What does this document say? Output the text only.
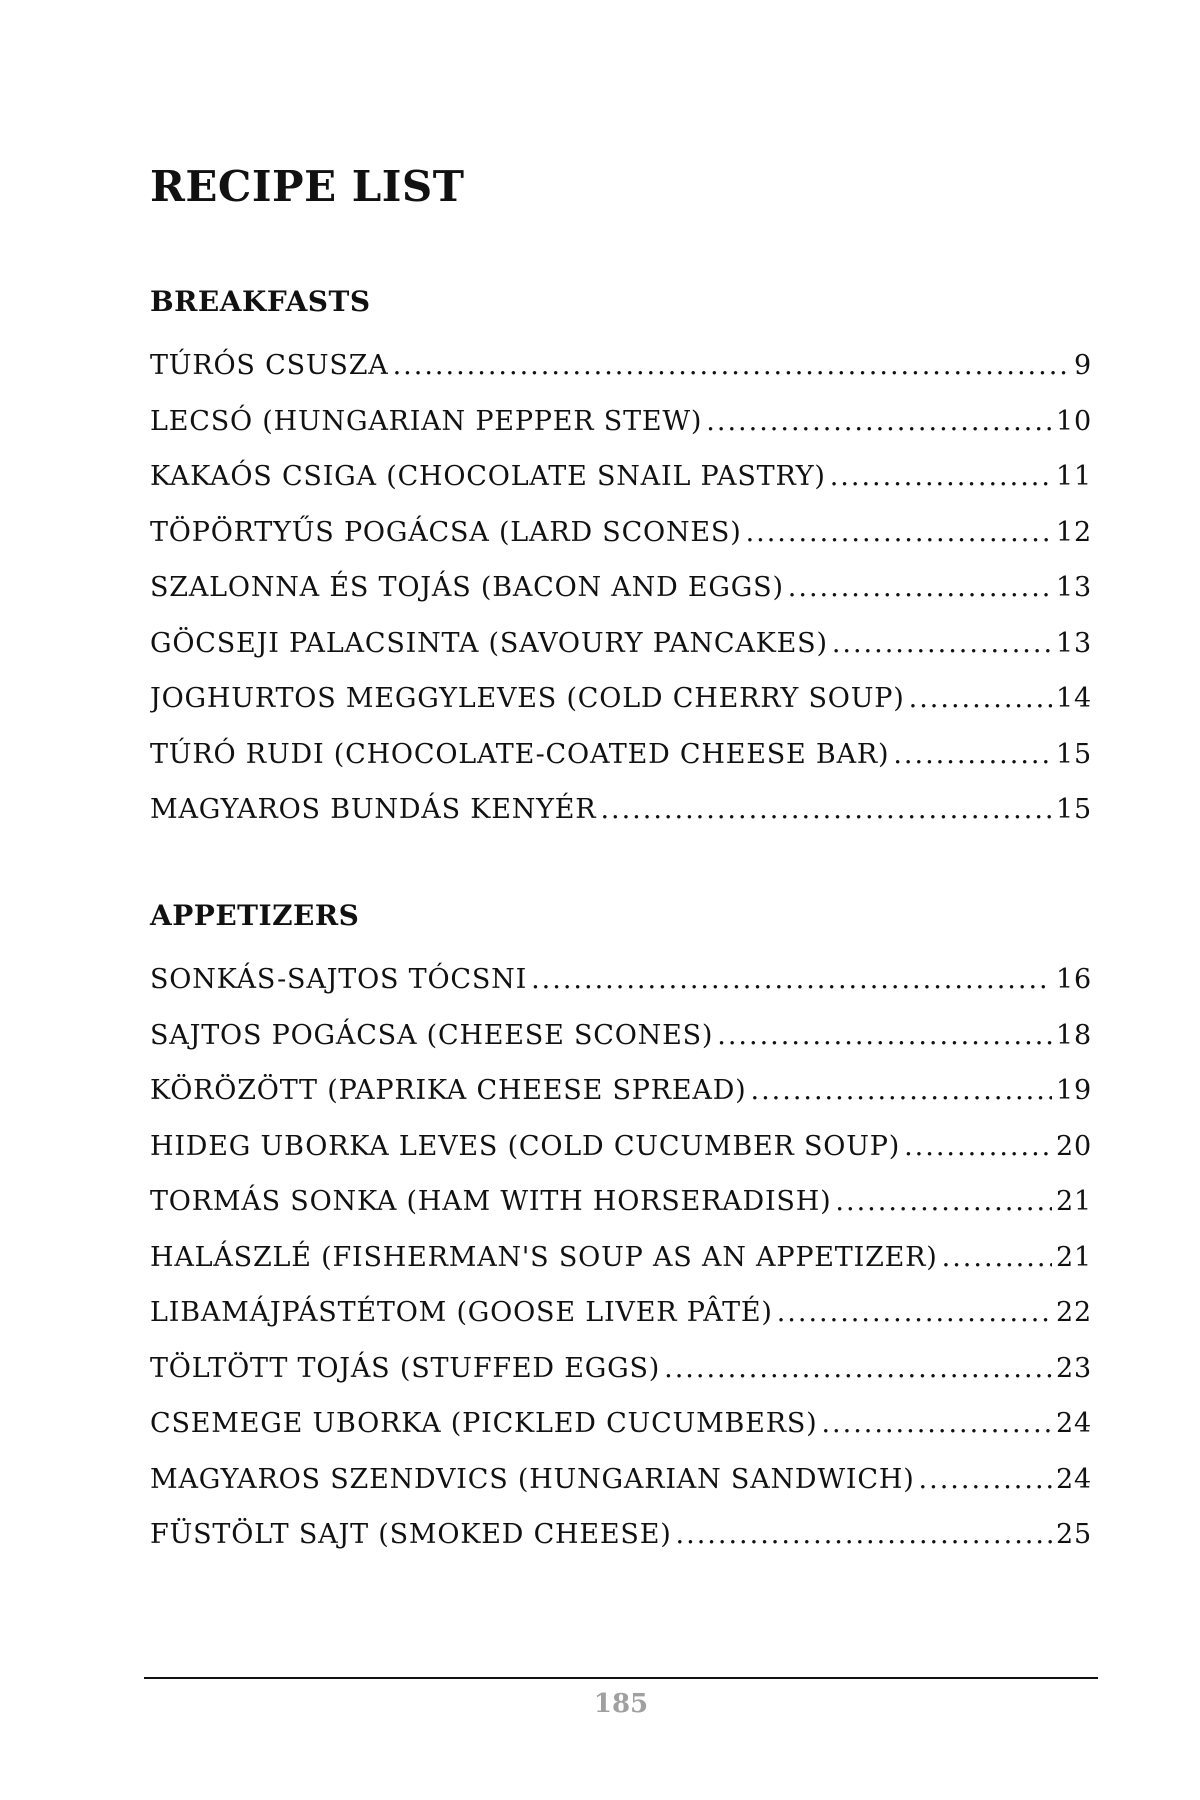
RECIPE LIST
BREAKFASTS
TÚRÓS CSUSZA .....	9
LECSÓ (HUNGARIAN PEPPER STEW) .....	10
KAKAÓS CSIGA (CHOCOLATE SNAIL PASTRY) .....	11
TÖPÖRTYŰS POGÁCSA (LARD SCONES) .....	12
SZALONNA ÉS TOJÁS (BACON AND EGGS) .....	13
GÖCSEJI PALACSINTA (SAVOURY PANCAKES) .....	13
JOGHURTOS MEGGYLEVES (COLD CHERRY SOUP) .....	14
TÚRÓ RUDI (CHOCOLATE-COATED CHEESE BAR) .....	15
MAGYAROS BUNDÁS KENYÉR .....	15
APPETIZERS
SONKÁS-SAJTOS TÓCSNI .....	16
SAJTOS POGÁCSA (CHEESE SCONES) .....	18
KÖRÖZÖTT (PAPRIKA CHEESE SPREAD) .....	19
HIDEG UBORKA LEVES (COLD CUCUMBER SOUP) .....	20
TORMÁS SONKA (HAM WITH HORSERADISH) .....	21
HALÁSZLÉ (FISHERMAN'S SOUP AS AN APPETIZER) .....	21
LIBAMÁJPÁSTÉTOM (GOOSE LIVER PÂTÉ) .....	22
TÖLTÖTT TOJÁS (STUFFED EGGS) .....	23
CSEMEGE UBORKA (PICKLED CUCUMBERS) .....	24
MAGYAROS SZENDVICS (HUNGARIAN SANDWICH) .....	24
FÜSTÖLT SAJT (SMOKED CHEESE) .....	25
185
